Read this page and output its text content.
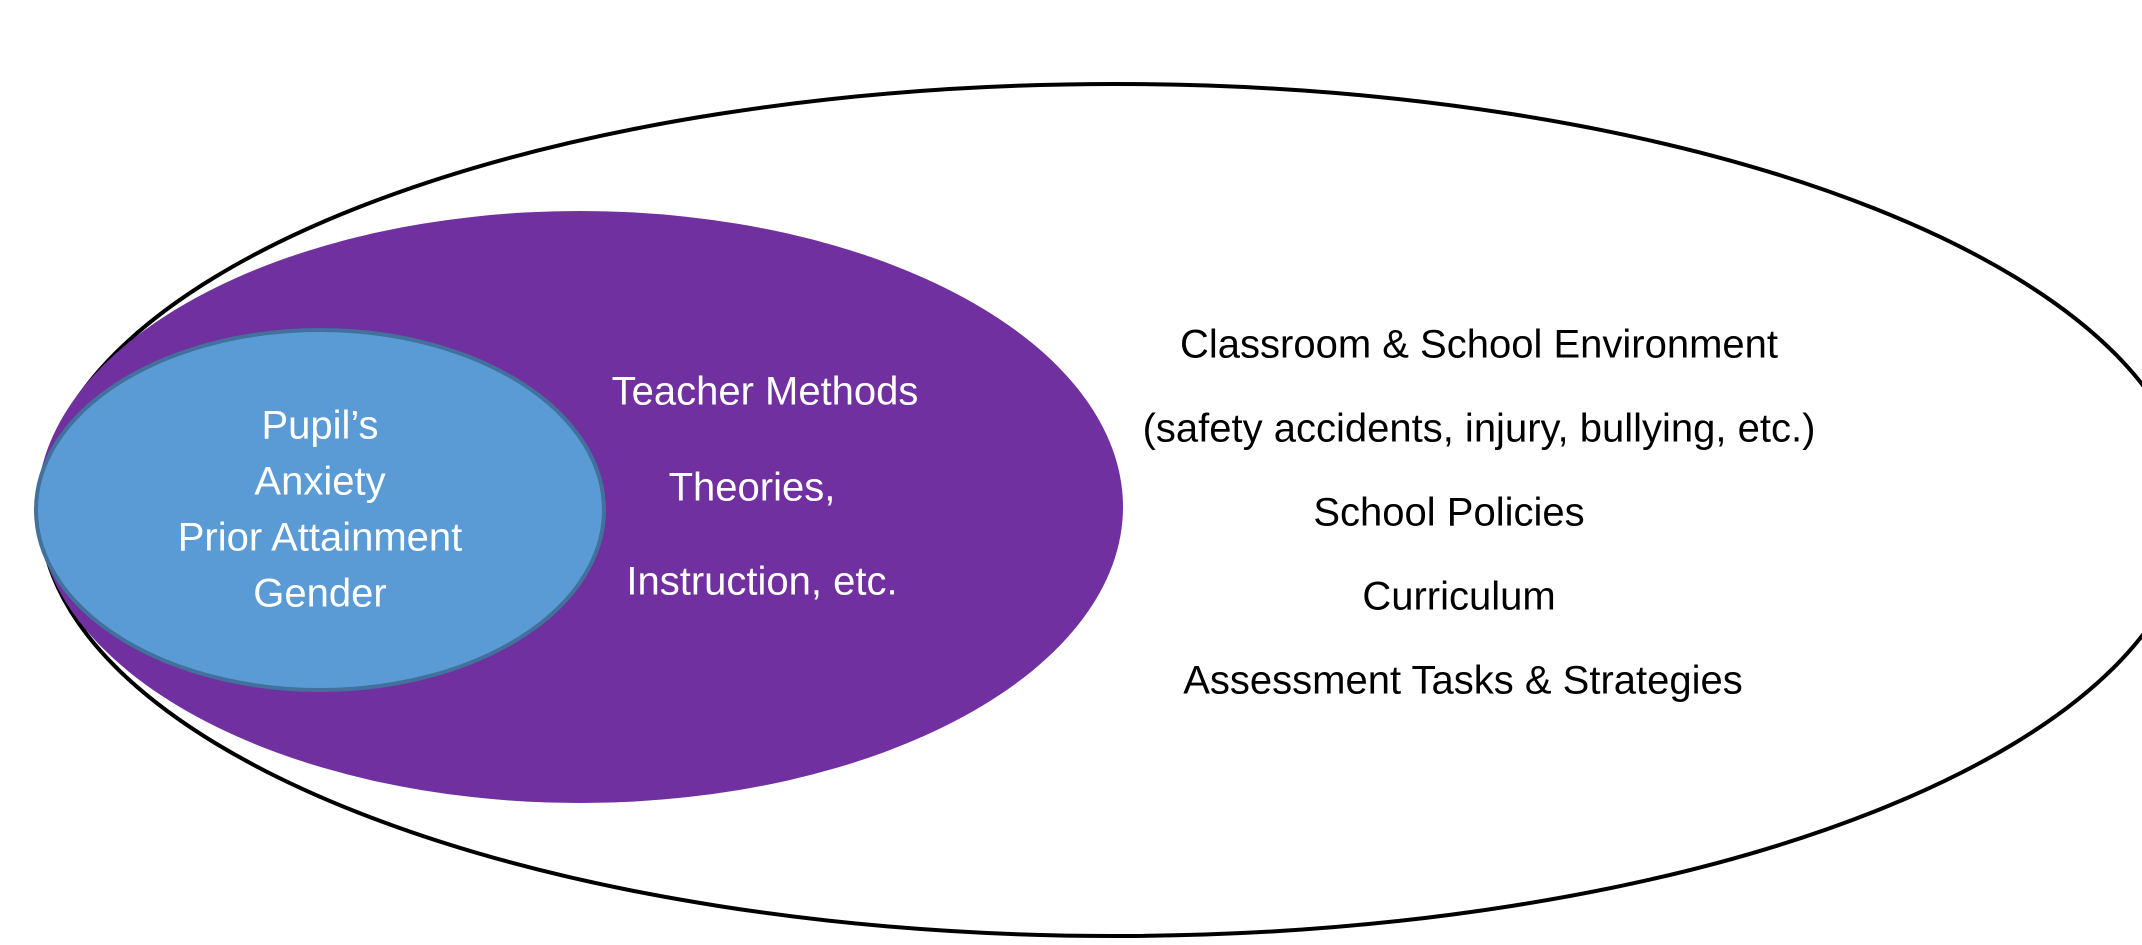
Pupil’s
Anxiety
Prior Attainment
Gender
Teacher Methods
Theories,
Instruction, etc.
Classroom & School Environment
(safety accidents, injury, bullying, etc.)
School Policies
Curriculum
Assessment Tasks & Strategies
